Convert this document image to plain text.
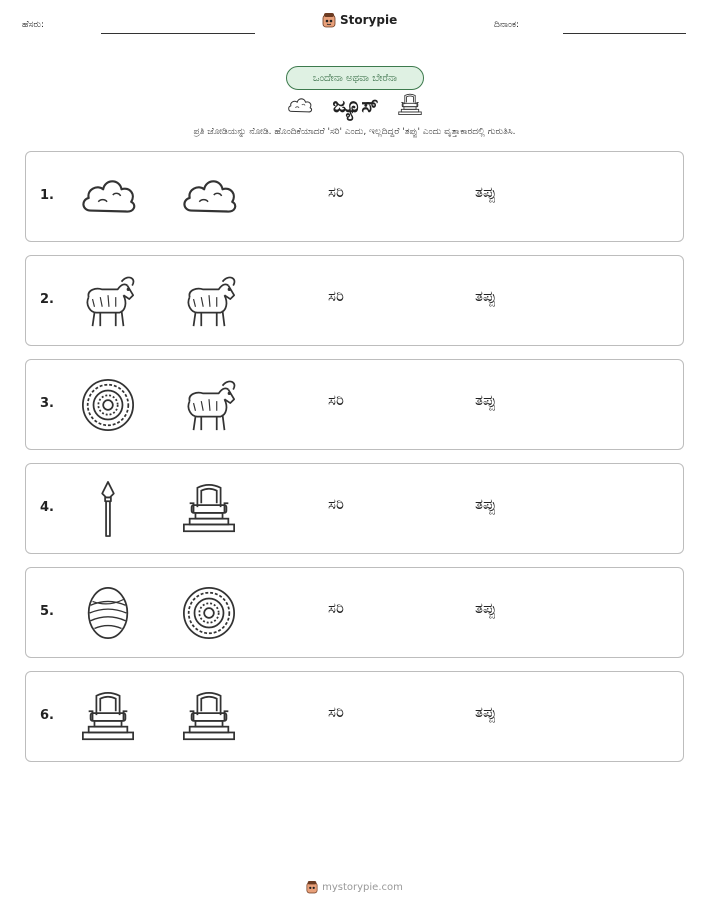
ಹೆಸರು:	Storypie	ದಿನಾಂಕ:
ಒಂದೇನಾ ಅಥವಾ ಬೇರೆನಾ
ಜ್ಯೂಸ್
ಪ್ರತಿ ಜೋಡಿಯನ್ನು ನೋಡಿ. ಹೊಂದಿಕೆಯಾದರೆ 'ಸರಿ' ಎಂದು, ಇಲ್ಲದಿದ್ದರೆ 'ತಪ್ಪು' ಎಂದು ವೃತ್ತಾಕಾರದಲ್ಲಿ ಗುರುತಿಸಿ.
1.	ಸರಿ	ತಪ್ಪು
2.	ಸರಿ	ತಪ್ಪು
3.	ಸರಿ	ತಪ್ಪು
4.	ಸರಿ	ತಪ್ಪು
5.	ಸರಿ	ತಪ್ಪು
6.	ಸರಿ	ತಪ್ಪು
mystorypie.com
